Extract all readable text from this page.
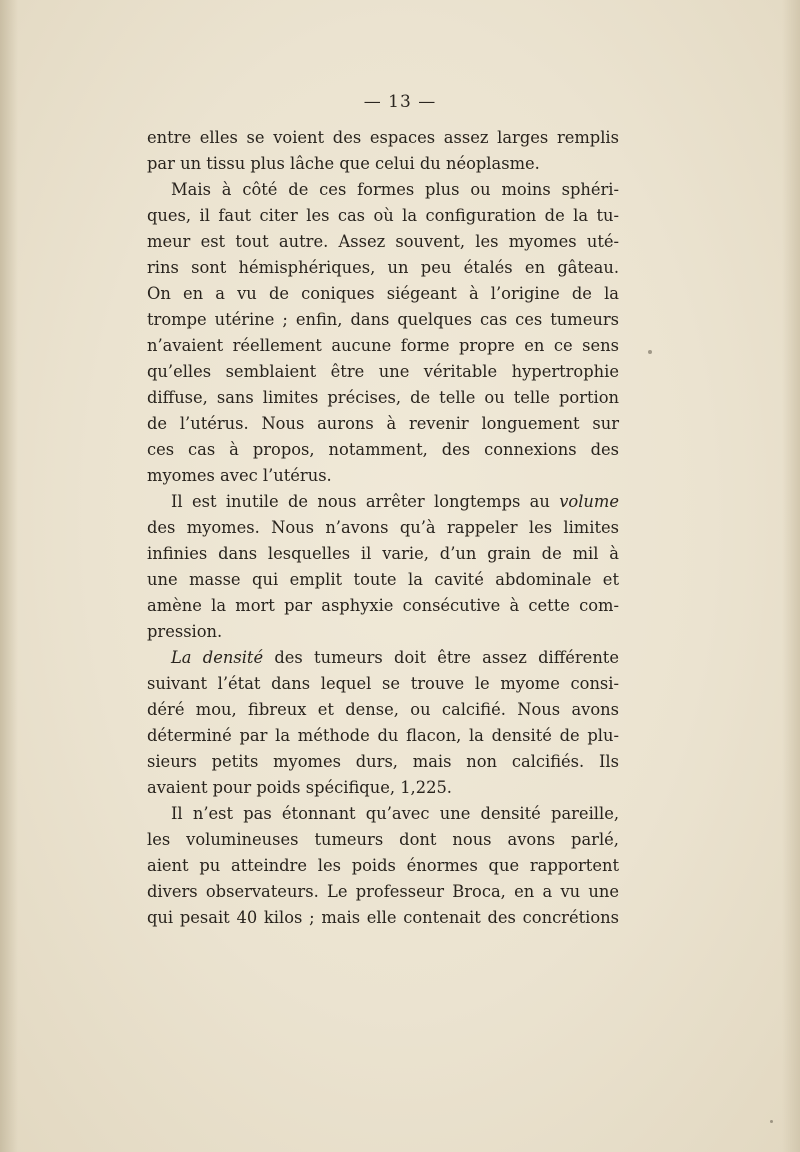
— 13 —
entre elles se voient des espaces assez larges remplis
par un tissu plus lâche que celui du néoplasme.
Mais à côté de ces formes plus ou moins sphéri-
ques, il faut citer les cas où la configuration de la tu-
meur est tout autre. Assez souvent, les myomes uté-
rins sont hémisphériques, un peu étalés en gâteau.
On en a vu de coniques siégeant à l’origine de la
trompe utérine ; enfin, dans quelques cas ces tumeurs
n’avaient réellement aucune forme propre en ce sens
qu’elles semblaient être une véritable hypertrophie
diffuse, sans limites précises, de telle ou telle portion
de l’utérus. Nous aurons à revenir longuement sur
ces cas à propos, notamment, des connexions des
myomes avec l’utérus.
Il est inutile de nous arrêter longtemps au volume
des myomes. Nous n’avons qu’à rappeler les limites
infinies dans lesquelles il varie, d’un grain de mil à
une masse qui emplit toute la cavité abdominale et
amène la mort par asphyxie consécutive à cette com-
pression.
La densité des tumeurs doit être assez différente
suivant l’état dans lequel se trouve le myome consi-
déré mou, fibreux et dense, ou calcifié. Nous avons
déterminé par la méthode du flacon, la densité de plu-
sieurs petits myomes durs, mais non calcifiés. Ils
avaient pour poids spécifique, 1,225.
Il n’est pas étonnant qu’avec une densité pareille,
les volumineuses tumeurs dont nous avons parlé,
aient pu atteindre les poids énormes que rapportent
divers observateurs. Le professeur Broca, en a vu une
qui pesait 40 kilos ; mais elle contenait des concrétions
